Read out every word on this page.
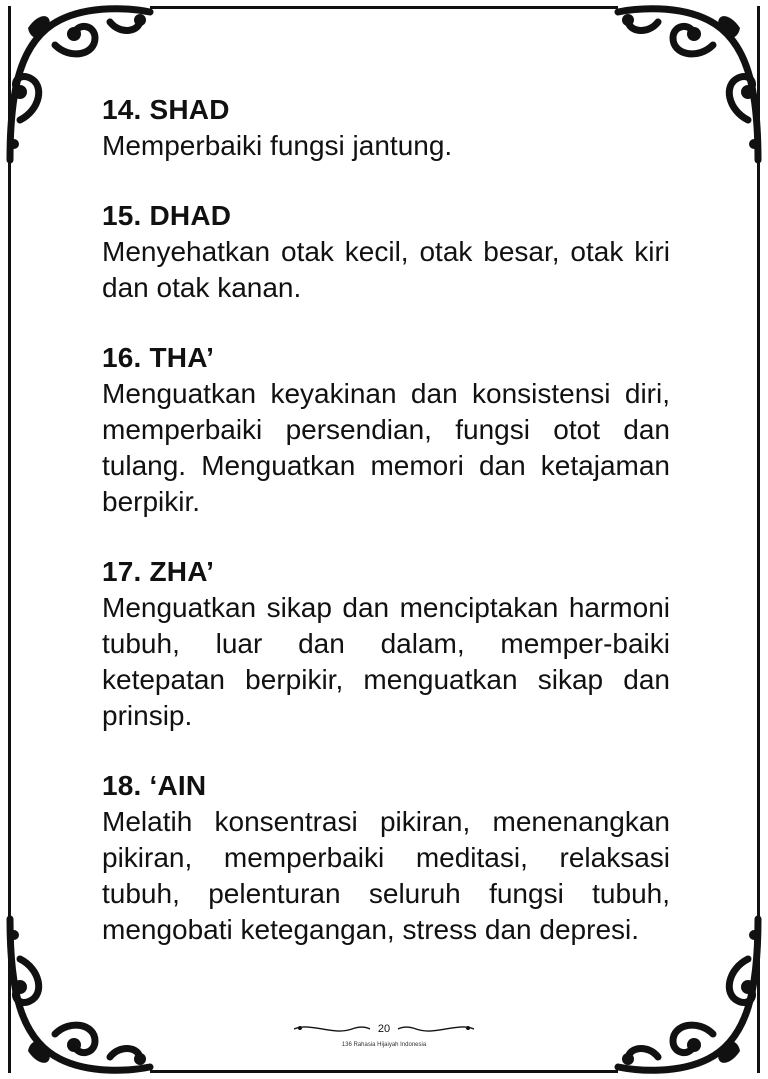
14. SHAD

Memperbaiki fungsi jantung.

15. DHAD

Menyehatkan otak kecil, otak besar, otak kiri dan otak kanan.

16. THA’

Menguatkan keyakinan dan konsistensi diri, memperbaiki persendian, fungsi otot dan tulang. Menguatkan memori dan ketajaman berpikir.

17. ZHA’

Menguatkan sikap dan menciptakan harmoni tubuh, luar dan dalam, memper-baiki ketepatan berpikir, menguatkan sikap dan prinsip.

18. ‘AIN

Melatih konsentrasi pikiran, menenangkan pikiran, memperbaiki meditasi, relaksasi tubuh, pelenturan seluruh fungsi tubuh, mengobati ketegangan, stress dan depresi.

20
136 Rahasia Hijaiyah Indonesia
